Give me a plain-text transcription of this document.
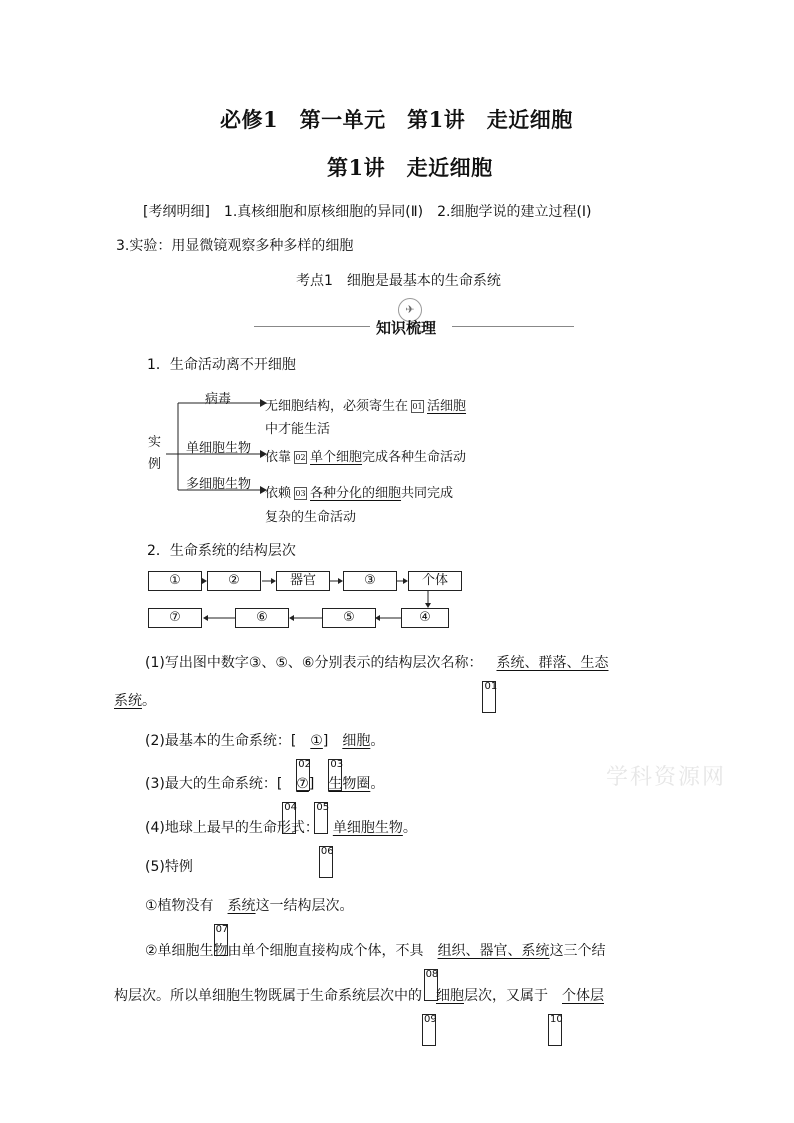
必修1　第一单元　第1讲　走近细胞
第1讲　走近细胞
[考纲明细]　1.真核细胞和原核细胞的异同(Ⅱ)　2.细胞学说的建立过程(Ⅰ)
3.实验：用显微镜观察多种多样的细胞
考点1　细胞是最基本的生命系统
✈
知识梳理
1．生命活动离不开细胞
实例
病毒
单细胞生物
多细胞生物
无细胞结构，必须寄生在 01 活细胞
中才能生活
依靠 02 单个细胞完成各种生命活动
依赖 03 各种分化的细胞共同完成
复杂的生命活动
2．生命系统的结构层次
①	②	器官	③	个体
⑦	⑥	⑤	④
(1)写出图中数字③、⑤、⑥分别表示的结构层次名称：01系统、群落、生态
系统。
(2)最基本的生命系统：[02①]03细胞。
(3)最大的生命系统：[04⑦]05生物圈。	学科资源网
(4)地球上最早的生命形式：06单细胞生物。
(5)特例
①植物没有07系统这一结构层次。
②单细胞生物由单个细胞直接构成个体，不具08组织、器官、系统这三个结
构层次。所以单细胞生物既属于生命系统层次中的09细胞层次，又属于10个体层
